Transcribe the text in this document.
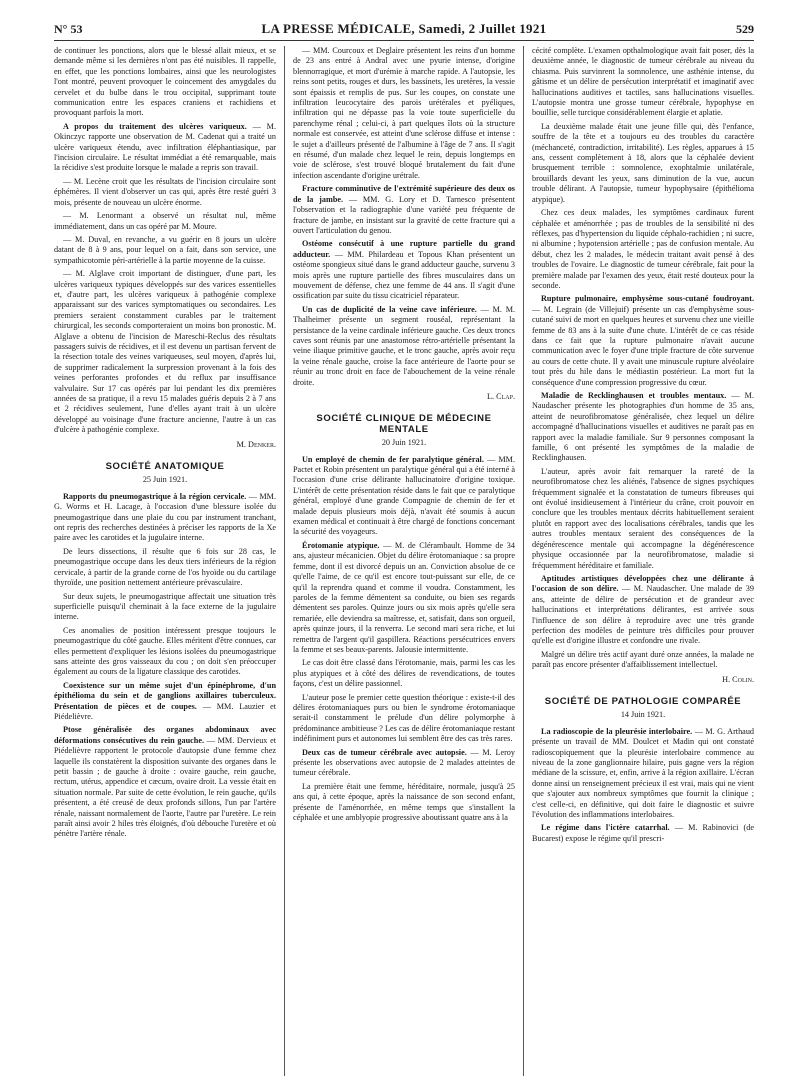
N° 53	LA PRESSE MÉDICALE, Samedi, 2 Juillet 1921	529

de continuer les ponctions, alors que le blessé allait mieux, et se demande même si les dernières n'ont pas été nuisibles. Il rappelle, en effet, que les ponctions lombaires, ainsi que les neurologistes l'ont montré, peuvent provoquer le coincement des amygdales du cervelet et du bulbe dans le trou occipital, supprimant toute communication entre les espaces craniens et rachidiens et provoquant parfois la mort.

A propos du traitement des ulcères variqueux. — M. Okinczyc rapporte une observation de M. Cadenat qui a traité un ulcère variqueux étendu, avec infiltration éléphantiasique, par l'incision circulaire. Le résultat immédiat a été remarquable, mais la récidive s'est produite lorsque le malade a repris son travail.

— M. Lecène croit que les résultats de l'incision circulaire sont éphémères. Il vient d'observer un cas qui, après être resté guéri 3 mois, présente de nouveau un ulcère énorme.

— M. Lenormant a observé un résultat nul, même immédiatement, dans un cas opéré par M. Moure.

— M. Duval, en revanche, a vu guérir en 8 jours un ulcère datant de 8 à 9 ans, pour lequel on a fait, dans son service, une sympathicotomie péri-artérielle à la partie moyenne de la cuisse.

— M. Alglave croit important de distinguer, d'une part, les ulcères variqueux typiques développés sur des varices essentielles et, d'autre part, les ulcères variqueux à pathogénie complexe apparaissant sur des varices symptomatiques ou secondaires. Les premiers seraient constamment curables par le traitement chirurgical, les seconds comporteraient un moins bon pronostic. M. Alglave a obtenu de l'incision de Mareschi-Reclus des résultats passagers suivis de récidives, et il est devenu un partisan fervent de la résection totale des veines variqueuses, seul moyen, d'après lui, de supprimer radicalement la surpression provenant à la fois des veines perforantes profondes et du reflux par insuffisance valvulaire. Sur 17 cas opérés par lui pendant les dix premières années de sa pratique, il a revu 15 malades guéris depuis 2 à 7 ans et 2 récidives seulement, l'une d'elles ayant trait à un ulcère développé au voisinage d'une fracture ancienne, l'autre à un cas d'ulcère à pathogénie complexe.

M. Denker.
SOCIÉTÉ ANATOMIQUE
25 Juin 1921.

Rapports du pneumogastrique à la région cervicale. — MM. G. Worms et H. Lacage, à l'occasion d'une blessure isolée du pneumogastrique dans une plaie du cou par instrument tranchant, ont repris des recherches destinées à préciser les rapports de la Xe paire avec les carotides et la jugulaire interne.

De leurs dissections, il résulte que 6 fois sur 28 cas, le pneumogastrique occupe dans les deux tiers inférieurs de la région cervicale, à partir de la grande corne de l'os hyoïde ou du cartilage thyroïde, une position nettement antérieure prévasculaire.

Sur deux sujets, le pneumogastrique affectait une situation très superficielle puisqu'il cheminait à la face externe de la jugulaire interne.

Ces anomalies de position intéressent presque toujours le pneumogastrique du côté gauche. Elles méritent d'être connues, car elles permettent d'expliquer les lésions isolées du pneumogastrique sans atteinte des gros vaisseaux du cou ; on doit s'en préoccuper également au cours de la ligature classique des carotides.

Coexistence sur un même sujet d'un épinéphrome, d'un épithélioma du sein et de ganglions axillaires tuberculeux. Présentation de pièces et de coupes. — MM. Lauzier et Piédelièvre.

Ptose généralisée des organes abdominaux avec déformations consécutives du rein gauche. — MM. Dervieux et Piédelièvre rapportent le protocole d'autopsie d'une femme chez laquelle ils constatèrent la disposition suivante des organes dans le petit bassin ; de gauche à droite : ovaire gauche, rein gauche, rectum, utérus, appendice et cæcum, ovaire droit. La vessie était en situation normale. Par suite de cette évolution, le rein gauche, qu'ils présentent, a été creusé de deux profonds sillons, l'un par l'artère rénale, naissant normalement de l'aorte, l'autre par l'uretère. Le rein paraît ainsi avoir 2 hiles très éloignés, d'où débouche l'uretère et où pénètre l'artère rénale.

— MM. Courcoux et Deglaire présentent les reins d'un homme de 23 ans entré à Andral avec une pyurie intense, d'origine blennorragique, et mort d'urémie à marche rapide. A l'autopsie, les reins sont petits, rouges et durs, les bassinets, les uretères, la vessie sont épaissis et remplis de pus. Sur les coupes, on constate une infiltration leucocytaire des parois urétérales et pyéliques, infiltration qui ne dépasse pas la voie toute superficielle du parenchyme rénal ; celui-ci, à part quelques îlots où la structure normale est conservée, est atteint d'une sclérose diffuse et intense : le sujet a d'ailleurs présenté de l'albumine à l'âge de 7 ans. Il s'agit en résumé, d'un malade chez lequel le rein, depuis longtemps en voie de sclérose, s'est trouvé bloqué brutalement du fait d'une infection ascendante d'origine urétrale.

Fracture comminutive de l'extrémité supérieure des deux os de la jambe. — MM. G. Lory et D. Tarnesco présentent l'observation et la radiographie d'une variété peu fréquente de fracture de jambe, en insistant sur la gravité de cette fracture qui a ouvert l'articulation du genou.

Ostéome consécutif à une rupture partielle du grand adducteur. — MM. Philardeau et Topous Khan présentent un ostéome spongieux situé dans le grand adducteur gauche, survenu 3 mois après une rupture partielle des fibres musculaires dans un mouvement de défense, chez une femme de 44 ans. Il s'agit d'une ossification par suite du tissu cicatriciel réparateur.

Un cas de duplicité de la veine cave inférieure. — M. M. Thalheimer présente un segment rouséal, représentant la persistance de la veine cardinale inférieure gauche. Ces deux troncs caves sont réunis par une anastomose rétro-artérielle présentant la veine iliaque primitive gauche, et le tronc gauche, après avoir reçu la veine rénale gauche, croise la face antérieure de l'aorte pour se réunir au tronc droit en face de l'abouchement de la veine rénale droite.

L. Clap.
SOCIÉTÉ CLINIQUE DE MÉDECINE MENTALE
20 Juin 1921.

Un employé de chemin de fer paralytique général. — MM. Pactet et Robin présentent un paralytique général qui a été interné à l'occasion d'une crise délirante hallucinatoire d'origine toxique. L'intérêt de cette présentation réside dans le fait que ce paralytique général, employé d'une grande Compagnie de chemin de fer et malade depuis plusieurs mois déjà, n'avait été soumis à aucun examen médical et continuait à être chargé de fonctions concernant la sécurité des voyageurs.

Érotomanie atypique. — M. de Clérambault. Homme de 34 ans, ajusteur mécanicien. Objet du délire érotomaniaque : sa propre femme, dont il est divorcé depuis un an. Conviction absolue de ce qu'elle l'aime, de ce qu'il est encore tout-puissant sur elle, de ce qu'il la reprendra quand et comme il voudra. Constamment, les paroles de la femme démentent sa conduite, ou bien ses regards démentent ses paroles. Quinze jours ou six mois après qu'elle sera remariée, elle deviendra sa maîtresse, et, satisfait, dans son orgueil, après quinze jours, il la renverra. Le second mari sera riche, et lui remettra de l'argent qu'il gaspillera. Réactions persécutrices envers la femme et ses beaux-parents. Jalousie intermittente.

Le cas doit être classé dans l'érotomanie, mais, parmi les cas les plus atypiques et à côté des délires de revendications, de toutes façons, c'est un délire passionnel.

L'auteur pose le premier cette question théorique : existe-t-il des délires érotomaniaques purs ou bien le syndrome érotomaniaque serait-il constamment le prélude d'un délire polymorphe à prédominance ambitieuse ? Les cas de délire érotomaniaque restant indéfiniment purs et autonomes lui semblent être des cas très rares.

Deux cas de tumeur cérébrale avec autopsie. — M. Leroy présente les observations avec autopsie de 2 malades atteintes de tumeur cérébrale.

La première était une femme, héréditaire, normale, jusqu'à 25 ans qui, à cette époque, après la naissance de son second enfant, présente de l'aménorrhée, en même temps que s'installent la céphalée et une amblyopie progressive aboutissant quatre ans à la

cécité complète. L'examen opthalmologique avait fait poser, dès la deuxième année, le diagnostic de tumeur cérébrale au niveau du chiasma. Puis survinrent la somnolence, une asthénie intense, du gâtisme et un délire de persécution interprétatif et imaginatif avec hallucinations auditives et tactiles, sans hallucinations visuelles. L'autopsie montra une grosse tumeur cérébrale, hypophyse en bouillie, selle turcique considérablement élargie et aplatie.

La deuxième malade était une jeune fille qui, dès l'enfance, souffre de la tête et a toujours eu des troubles du caractère (méchanceté, contradiction, irritabilité). Les règles, apparues à 15 ans, cessent complètement à 18, alors que la céphalée devient brusquement terrible : somnolence, exophtalmie unilatérale, brouillards devant les yeux, sans diminution de la vue, aucun trouble délirant. A l'autopsie, tumeur hypophysaire (épithélioma atypique).

Chez ces deux malades, les symptômes cardinaux furent céphalée et aménorrhée ; pas de troubles de la sensibilité ni des réflexes, pas d'hypertension du liquide céphalo-rachidien ; ni sucre, ni albumine ; hypotension artérielle ; pas de confusion mentale. Au début, chez les 2 malades, le médecin traitant avait pensé à des troubles de l'ovaire. Le diagnostic de tumeur cérébrale, fait pour la première malade par l'examen des yeux, était resté douteux pour la seconde.

Rupture pulmonaire, emphysème sous-cutané foudroyant. — M. Legrain (de Villejuif) présente un cas d'emphysème sous-cutané suivi de mort en quelques heures et survenu chez une vieille femme de 83 ans à la suite d'une chute. L'intérêt de ce cas réside dans ce fait que la rupture pulmonaire n'avait aucune communication avec le foyer d'une triple fracture de côte survenue au cours de cette chute. Il y avait une minuscule rupture alvéolaire tout près du hile dans le médiastin postérieur. La mort fut la conséquence d'une compression progressive du cœur.

Maladie de Recklinghausen et troubles mentaux. — M. Naudascher présente les photographies d'un homme de 35 ans, atteint de neurofibromatose généralisée, chez lequel un délire accompagné d'hallucinations visuelles et auditives ne paraît pas en rapport avec la maladie familiale. Sur 9 personnes composant la famille, 6 ont présenté les symptômes de la maladie de Recklinghausen.

L'auteur, après avoir fait remarquer la rareté de la neurofibromatose chez les aliénés, l'absence de signes psychiques fréquemment signalée et la constatation de tumeurs fibreuses qui ont évolué insidieusement à l'intérieur du crâne, croit pouvoir en conclure que les troubles mentaux décrits habituellement seraient plutôt en rapport avec des localisations cérébrales, tandis que les autres troubles mentaux seraient des conséquences de la dégénérescence mentale qui accompagne la dégénérescence physique occasionnée par la neurofibromatose, maladie si fréquemment héréditaire et familiale.

Aptitudes artistiques développées chez une délirante à l'occasion de son délire. — M. Naudascher. Une malade de 39 ans, atteinte de délire de persécution et de grandeur avec hallucinations et interprétations délirantes, est arrivée sous l'influence de son délire à reproduire avec une très grande perfection des modèles de peinture très difficiles pour prouver qu'elle est d'origine illustre et confondre une rivale.

Malgré un délire très actif ayant duré onze années, la malade ne paraît pas encore présenter d'affaiblissement intellectuel.

H. Colin.
SOCIÉTÉ DE PATHOLOGIE COMPARÉE
14 Juin 1921.

La radioscopie de la pleurésie interlobaire. — M. G. Arthaud présente un travail de MM. Doulcet et Madin qui ont constaté radioscopiquement que la pleurésie interlobaire commence au niveau de la zone ganglionnaire hilaire, puis gagne vers la région médiane de la scissure, et, enfin, arrive à la région axillaire. L'écran donne ainsi un renseignement précieux il est vrai, mais qui ne vient que s'ajouter aux nombreux symptômes que fournit la clinique ; c'est celle-ci, en définitive, qui doit faire le diagnostic et suivre l'évolution des inflammations interlobaires.

Le régime dans l'ictère catarrhal. — M. Rabinovici (de Bucarest) expose le régime qu'il prescri-
